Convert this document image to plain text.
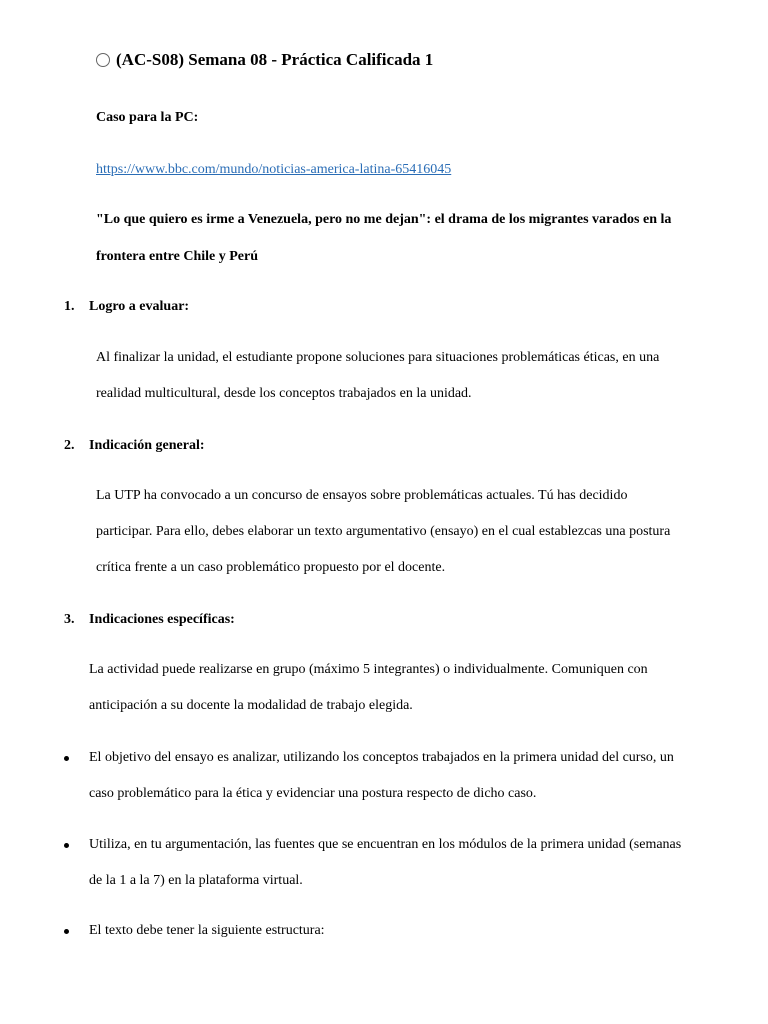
(AC-S08) Semana 08 - Práctica Calificada 1
Caso para la PC:
https://www.bbc.com/mundo/noticias-america-latina-65416045
"Lo que quiero es irme a Venezuela, pero no me dejan": el drama de los migrantes varados en la
frontera entre Chile y Perú
1. Logro a evaluar:
Al finalizar la unidad, el estudiante propone soluciones para situaciones problemáticas éticas, en una
realidad multicultural, desde los conceptos trabajados en la unidad.
2. Indicación general:
La UTP ha convocado a un concurso de ensayos sobre problemáticas actuales. Tú has decidido
participar. Para ello, debes elaborar un texto argumentativo (ensayo) en el cual establezcas una postura
crítica frente a un caso problemático propuesto por el docente.
3. Indicaciones específicas:
La actividad puede realizarse en grupo (máximo 5 integrantes) o individualmente. Comuniquen con
anticipación a su docente la modalidad de trabajo elegida.
El objetivo del ensayo es analizar, utilizando los conceptos trabajados en la primera unidad del curso, un
caso problemático para la ética y evidenciar una postura respecto de dicho caso.
Utiliza, en tu argumentación, las fuentes que se encuentran en los módulos de la primera unidad (semanas
de la 1 a la 7) en la plataforma virtual.
El texto debe tener la siguiente estructura:
